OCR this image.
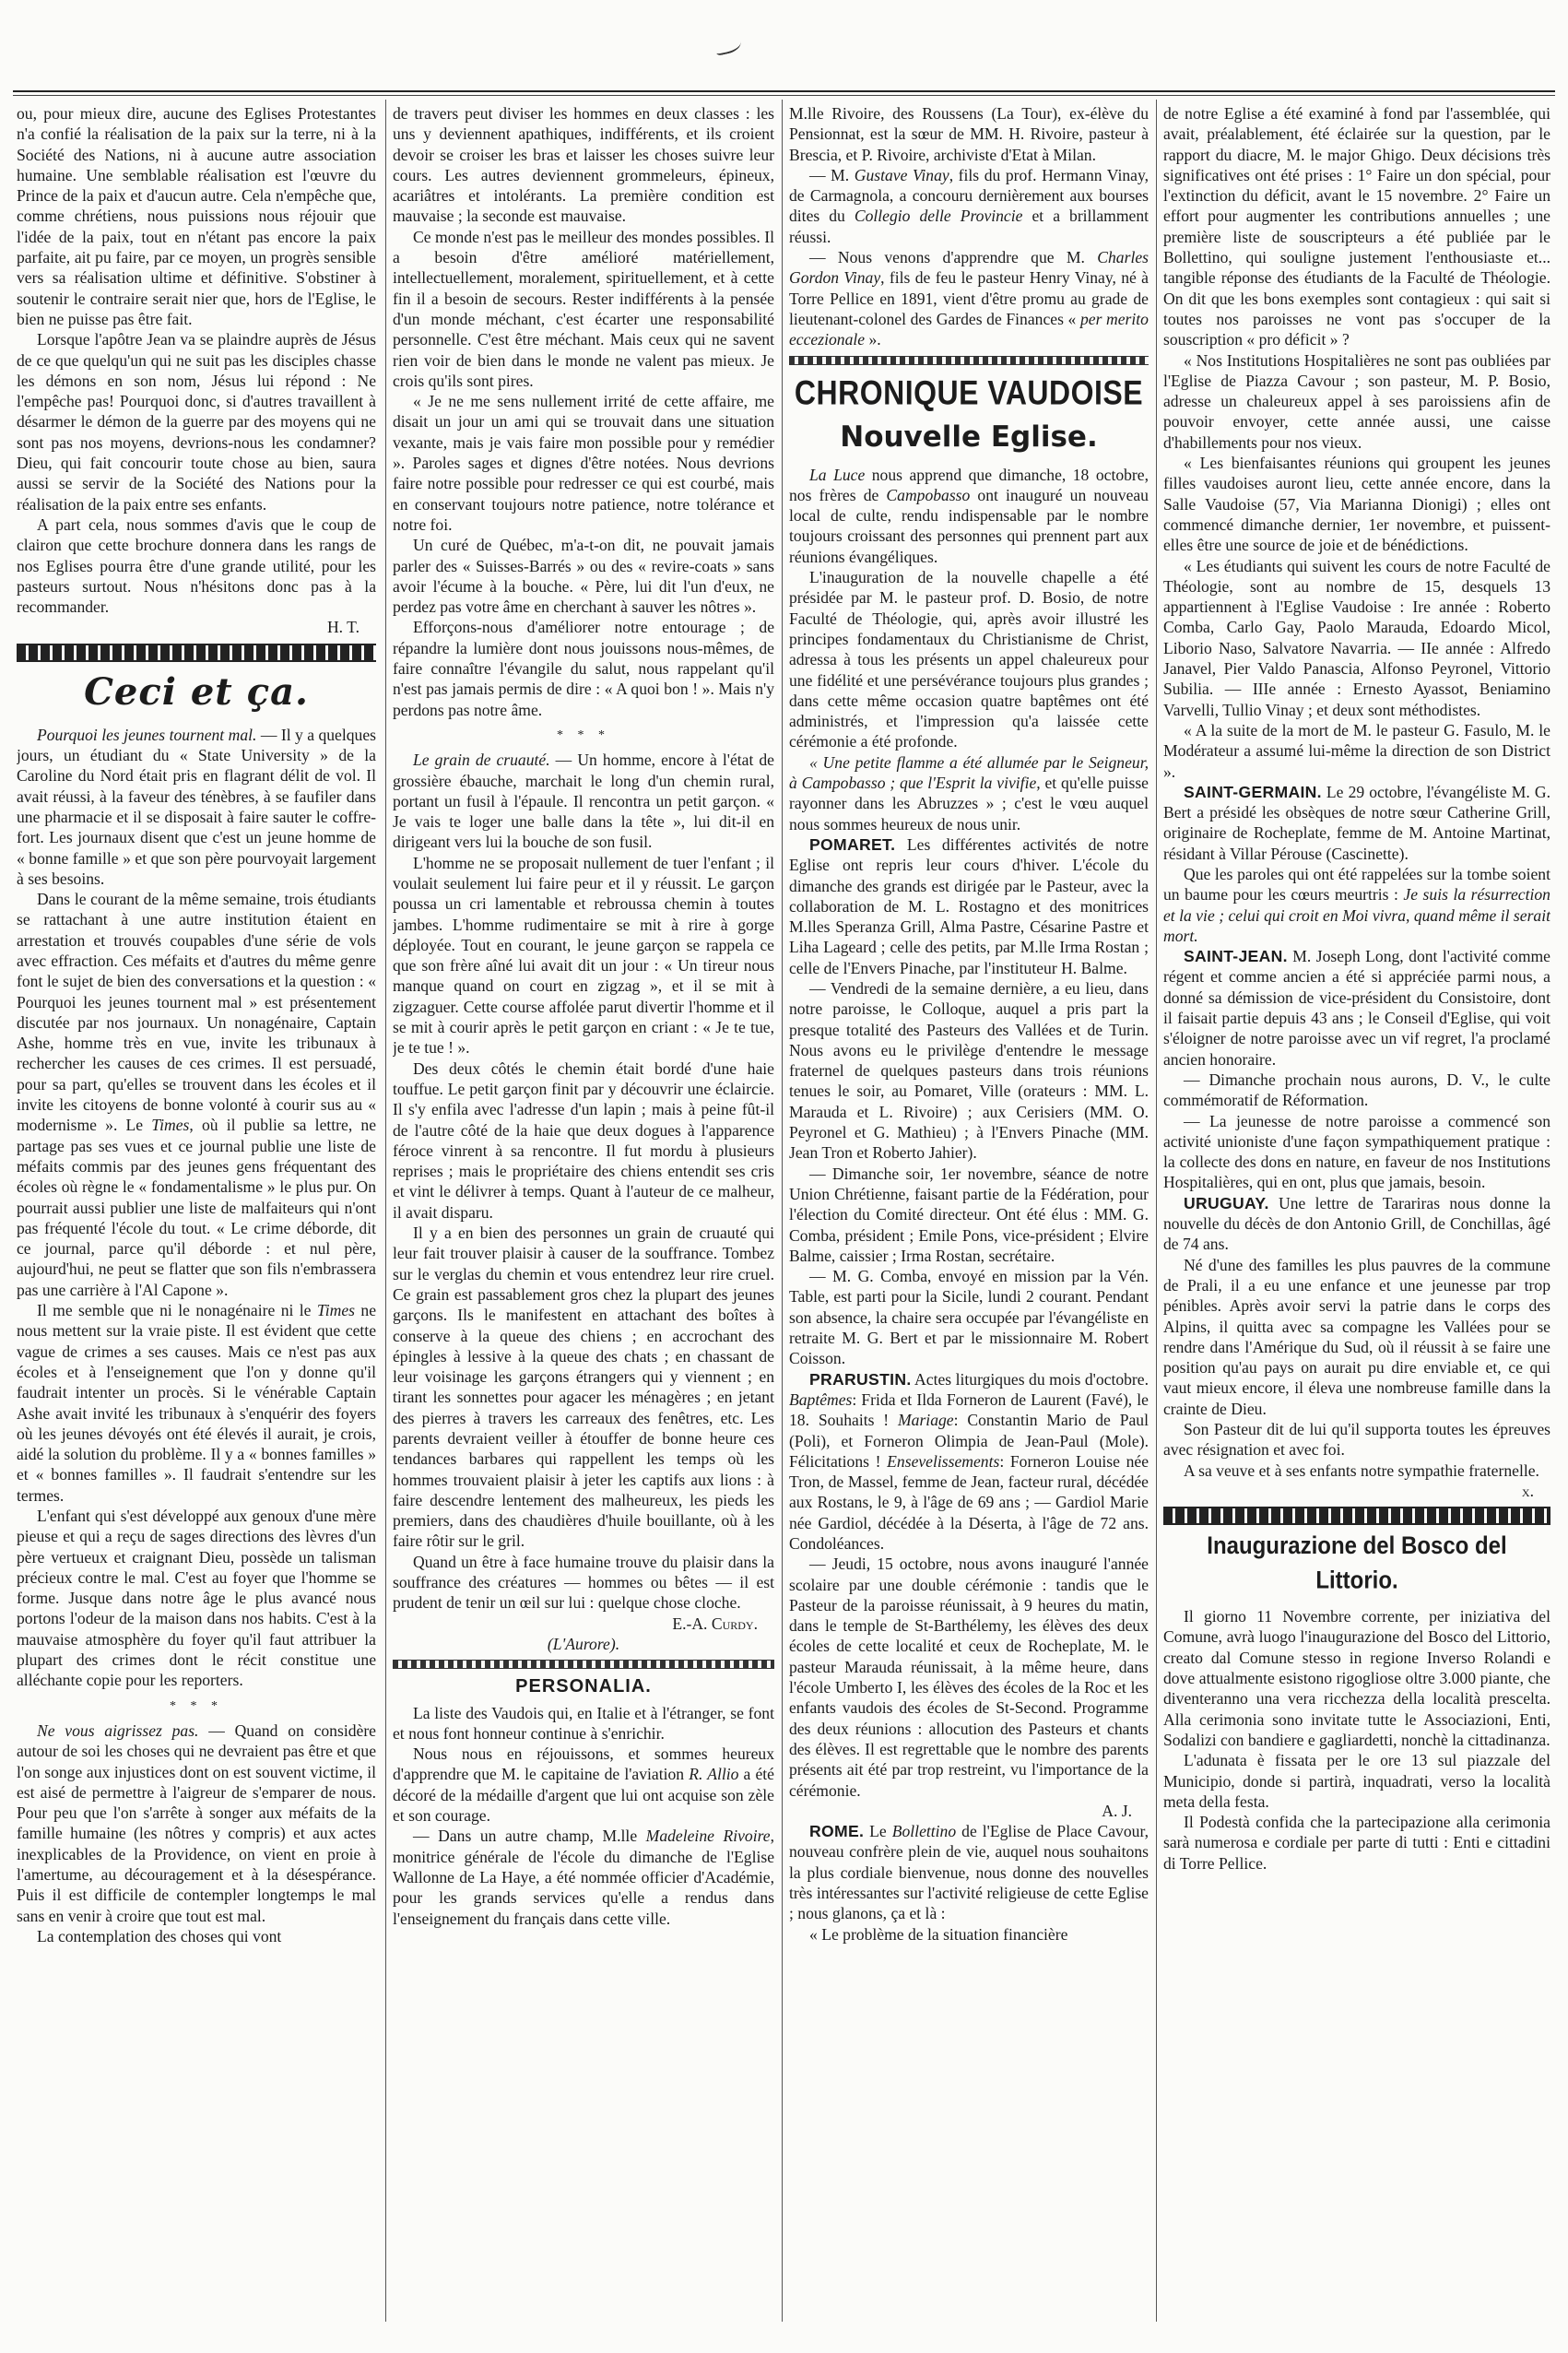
ou, pour mieux dire, aucune des Eglises Protestantes n'a confié la réalisation de la paix sur la terre, ni à la Société des Nations, ni à aucune autre association humaine. Une semblable réalisation est l'œuvre du Prince de la paix et d'aucun autre. Cela n'empêche que, comme chrétiens, nous puissions nous réjouir que l'idée de la paix, tout en n'étant pas encore la paix parfaite, ait pu faire, par ce moyen, un progrès sensible vers sa réalisation ultime et définitive. S'obstiner à soutenir le contraire serait nier que, hors de l'Eglise, le bien ne puisse pas être fait.

Lorsque l'apôtre Jean va se plaindre auprès de Jésus de ce que quelqu'un qui ne suit pas les disciples chasse les démons en son nom, Jésus lui répond : Ne l'empêche pas! Pourquoi donc, si d'autres travaillent à désarmer le démon de la guerre par des moyens qui ne sont pas nos moyens, devrions-nous les condamner? Dieu, qui fait concourir toute chose au bien, saura aussi se servir de la Société des Nations pour la réalisation de la paix entre ses enfants.

A part cela, nous sommes d'avis que le coup de clairon que cette brochure donnera dans les rangs de nos Eglises pourra être d'une grande utilité, pour les pasteurs surtout. Nous n'hésitons donc pas à la recommander.

H. T.
Ceci et ça.

Pourquoi les jeunes tournent mal. — Il y a quelques jours, un étudiant du « State University » de la Caroline du Nord était pris en flagrant délit de vol. Il avait réussi, à la faveur des ténèbres, à se faufiler dans une pharmacie et il se disposait à faire sauter le coffre-fort. Les journaux disent que c'est un jeune homme de « bonne famille » et que son père pourvoyait largement à ses besoins.

Dans le courant de la même semaine, trois étudiants se rattachant à une autre institution étaient en arrestation et trouvés coupables d'une série de vols avec effraction. Ces méfaits et d'autres du même genre font le sujet de bien des conversations et la question : « Pourquoi les jeunes tournent mal » est présentement discutée par nos journaux. Un nonagénaire, Captain Ashe, homme très en vue, invite les tribunaux à rechercher les causes de ces crimes. Il est persuadé, pour sa part, qu'elles se trouvent dans les écoles et il invite les citoyens de bonne volonté à courir sus au « modernisme ». Le Times, où il publie sa lettre, ne partage pas ses vues et ce journal publie une liste de méfaits commis par des jeunes gens fréquentant des écoles où règne le « fondamentalisme » le plus pur. On pourrait aussi publier une liste de malfaiteurs qui n'ont pas fréquenté l'école du tout. « Le crime déborde, dit ce journal, parce qu'il déborde : et nul père, aujourd'hui, ne peut se flatter que son fils n'embrassera pas une carrière à l'Al Capone ».

Il me semble que ni le nonagénaire ni le Times ne nous mettent sur la vraie piste. Il est évident que cette vague de crimes a ses causes. Mais ce n'est pas aux écoles et à l'enseignement que l'on y donne qu'il faudrait intenter un procès. Si le vénérable Captain Ashe avait invité les tribunaux à s'enquérir des foyers où les jeunes dévoyés ont été élevés il aurait, je crois, aidé la solution du problème. Il y a « bonnes familles » et « bonnes familles ». Il faudrait s'entendre sur les termes.

L'enfant qui s'est développé aux genoux d'une mère pieuse et qui a reçu de sages directions des lèvres d'un père vertueux et craignant Dieu, possède un talisman précieux contre le mal. C'est au foyer que l'homme se forme. Jusque dans notre âge le plus avancé nous portons l'odeur de la maison dans nos habits. C'est à la mauvaise atmosphère du foyer qu'il faut attribuer la plupart des crimes dont le récit constitue une alléchante copie pour les reporters.

* * *

Ne vous aigrissez pas. — Quand on considère autour de soi les choses qui ne devraient pas être et que l'on songe aux injustices dont on est souvent victime, il est aisé de permettre à l'aigreur de s'emparer de nous. Pour peu que l'on s'arrête à songer aux méfaits de la famille humaine (les nôtres y compris) et aux actes inexplicables de la Providence, on vient en proie à l'amertume, au découragement et à la désespérance. Puis il est difficile de contempler longtemps le mal sans en venir à croire que tout est mal.

La contemplation des choses qui vont

de travers peut diviser les hommes en deux classes : les uns y deviennent apathiques, indifférents, et ils croient devoir se croiser les bras et laisser les choses suivre leur cours. Les autres deviennent grommeleurs, épineux, acariâtres et intolérants. La première condition est mauvaise ; la seconde est mauvaise.

Ce monde n'est pas le meilleur des mondes possibles. Il a besoin d'être amélioré matériellement, intellectuellement, moralement, spirituellement, et à cette fin il a besoin de secours. Rester indifférents à la pensée d'un monde méchant, c'est écarter une responsabilité personnelle. C'est être méchant. Mais ceux qui ne savent rien voir de bien dans le monde ne valent pas mieux. Je crois qu'ils sont pires.

« Je ne me sens nullement irrité de cette affaire, me disait un jour un ami qui se trouvait dans une situation vexante, mais je vais faire mon possible pour y remédier ». Paroles sages et dignes d'être notées. Nous devrions faire notre possible pour redresser ce qui est courbé, mais en conservant toujours notre patience, notre tolérance et notre foi.

Un curé de Québec, m'a-t-on dit, ne pouvait jamais parler des « Suisses-Barrés » ou des « revire-coats » sans avoir l'écume à la bouche. « Père, lui dit l'un d'eux, ne perdez pas votre âme en cherchant à sauver les nôtres ».

Efforçons-nous d'améliorer notre entourage ; de répandre la lumière dont nous jouissons nous-mêmes, de faire connaître l'évangile du salut, nous rappelant qu'il n'est pas jamais permis de dire : « A quoi bon ! ». Mais n'y perdons pas notre âme.

* * *

Le grain de cruauté. — Un homme, encore à l'état de grossière ébauche, marchait le long d'un chemin rural, portant un fusil à l'épaule. Il rencontra un petit garçon. « Je vais te loger une balle dans la tête », lui dit-il en dirigeant vers lui la bouche de son fusil.

L'homme ne se proposait nullement de tuer l'enfant ; il voulait seulement lui faire peur et il y réussit. Le garçon poussa un cri lamentable et rebroussa chemin à toutes jambes. L'homme rudimentaire se mit à rire à gorge déployée. Tout en courant, le jeune garçon se rappela ce que son frère aîné lui avait dit un jour : « Un tireur nous manque quand on court en zigzag », et il se mit à zigzaguer. Cette course affolée parut divertir l'homme et il se mit à courir après le petit garçon en criant : « Je te tue, je te tue ! ».

Des deux côtés le chemin était bordé d'une haie touffue. Le petit garçon finit par y découvrir une éclaircie. Il s'y enfila avec l'adresse d'un lapin ; mais à peine fût-il de l'autre côté de la haie que deux dogues à l'apparence féroce vinrent à sa rencontre. Il fut mordu à plusieurs reprises ; mais le propriétaire des chiens entendit ses cris et vint le délivrer à temps. Quant à l'auteur de ce malheur, il avait disparu.

Il y a en bien des personnes un grain de cruauté qui leur fait trouver plaisir à causer de la souffrance. Tombez sur le verglas du chemin et vous entendrez leur rire cruel. Ce grain est passablement gros chez la plupart des jeunes garçons. Ils le manifestent en attachant des boîtes à conserve à la queue des chiens ; en accrochant des épingles à lessive à la queue des chats ; en chassant de leur voisinage les garçons étrangers qui y viennent ; en tirant les sonnettes pour agacer les ménagères ; en jetant des pierres à travers les carreaux des fenêtres, etc. Les parents devraient veiller à étouffer de bonne heure ces tendances barbares qui rappellent les temps où les hommes trouvaient plaisir à jeter les captifs aux lions : à faire descendre lentement des malheureux, les pieds les premiers, dans des chaudières d'huile bouillante, où à les faire rôtir sur le gril.

Quand un être à face humaine trouve du plaisir dans la souffrance des créatures — hommes ou bêtes — il est prudent de tenir un œil sur lui : quelque chose cloche.

E.-A. Curdy.
(L'Aurore).
PERSONALIA.

La liste des Vaudois qui, en Italie et à l'étranger, se font et nous font honneur continue à s'enrichir.

Nous nous en réjouissons, et sommes heureux d'apprendre que M. le capitaine de l'aviation R. Allio a été décoré de la médaille d'argent que lui ont acquise son zèle et son courage.

— Dans un autre champ, M.lle Madeleine Rivoire, monitrice générale de l'école du dimanche de l'Eglise Wallonne de La Haye, a été nommée officier d'Académie, pour les grands services qu'elle a rendus dans l'enseignement du français dans cette ville.

M.lle Rivoire, des Roussens (La Tour), ex-élève du Pensionnat, est la sœur de MM. H. Rivoire, pasteur à Brescia, et P. Rivoire, archiviste d'Etat à Milan.

— M. Gustave Vinay, fils du prof. Hermann Vinay, de Carmagnola, a concouru dernièrement aux bourses dites du Collegio delle Provincie et a brillamment réussi.

— Nous venons d'apprendre que M. Charles Gordon Vinay, fils de feu le pasteur Henry Vinay, né à Torre Pellice en 1891, vient d'être promu au grade de lieutenant-colonel des Gardes de Finances « per merito eccezionale ».

CHRONIQUE VAUDOISE
Nouvelle Eglise.

La Luce nous apprend que dimanche, 18 octobre, nos frères de Campobasso ont inauguré un nouveau local de culte, rendu indispensable par le nombre toujours croissant des personnes qui prennent part aux réunions évangéliques.

L'inauguration de la nouvelle chapelle a été présidée par M. le pasteur prof. D. Bosio, de notre Faculté de Théologie, qui, après avoir illustré les principes fondamentaux du Christianisme de Christ, adressa à tous les présents un appel chaleureux pour une fidélité et une persévérance toujours plus grandes ; dans cette même occasion quatre baptêmes ont été administrés, et l'impression qu'a laissée cette cérémonie a été profonde.

« Une petite flamme a été allumée par le Seigneur, à Campobasso ; que l'Esprit la vivifie, et qu'elle puisse rayonner dans les Abruzzes » ; c'est le vœu auquel nous sommes heureux de nous unir.

POMARET. Les différentes activités de notre Eglise ont repris leur cours d'hiver. L'école du dimanche des grands est dirigée par le Pasteur, avec la collaboration de M. L. Rostagno et des monitrices M.lles Speranza Grill, Alma Pastre, Césarine Pastre et Liha Lageard ; celle des petits, par M.lle Irma Rostan ; celle de l'Envers Pinache, par l'instituteur H. Balme.

— Vendredi de la semaine dernière, a eu lieu, dans notre paroisse, le Colloque, auquel a pris part la presque totalité des Pasteurs des Vallées et de Turin. Nous avons eu le privilège d'entendre le message fraternel de quelques pasteurs dans trois réunions tenues le soir, au Pomaret, Ville (orateurs : MM. L. Marauda et L. Rivoire) ; aux Cerisiers (MM. O. Peyronel et G. Mathieu) ; à l'Envers Pinache (MM. Jean Tron et Roberto Jahier).

— Dimanche soir, 1er novembre, séance de notre Union Chrétienne, faisant partie de la Fédération, pour l'élection du Comité directeur. Ont été élus : MM. G. Comba, président ; Emile Pons, vice-président ; Elvire Balme, caissier ; Irma Rostan, secrétaire.

— M. G. Comba, envoyé en mission par la Vén. Table, est parti pour la Sicile, lundi 2 courant. Pendant son absence, la chaire sera occupée par l'évangéliste en retraite M. G. Bert et par le missionnaire M. Robert Coisson.

PRARUSTIN. Actes liturgiques du mois d'octobre. Baptêmes: Frida et Ilda Forneron de Laurent (Favé), le 18. Souhaits ! Mariage: Constantin Mario de Paul (Poli), et Forneron Olimpia de Jean-Paul (Mole). Félicitations ! Ensevelissements: Forneron Louise née Tron, de Massel, femme de Jean, facteur rural, décédée aux Rostans, le 9, à l'âge de 69 ans ; — Gardiol Marie née Gardiol, décédée à la Déserta, à l'âge de 72 ans. Condoléances.

— Jeudi, 15 octobre, nous avons inauguré l'année scolaire par une double cérémonie : tandis que le Pasteur de la paroisse réunissait, à 9 heures du matin, dans le temple de St-Barthélemy, les élèves des deux écoles de cette localité et ceux de Rocheplate, M. le pasteur Marauda réunissait, à la même heure, dans l'école Umberto I, les élèves des écoles de la Roc et les enfants vaudois des écoles de St-Second. Programme des deux réunions : allocution des Pasteurs et chants des élèves. Il est regrettable que le nombre des parents présents ait été par trop restreint, vu l'importance de la cérémonie.

A. J.

ROME. Le Bollettino de l'Eglise de Place Cavour, nouveau confrère plein de vie, auquel nous souhaitons la plus cordiale bienvenue, nous donne des nouvelles très intéressantes sur l'activité religieuse de cette Eglise ; nous glanons, ça et là :

« Le problème de la situation financière

de notre Eglise a été examiné à fond par l'assemblée, qui avait, préalablement, été éclairée sur la question, par le rapport du diacre, M. le major Ghigo. Deux décisions très significatives ont été prises : 1° Faire un don spécial, pour l'extinction du déficit, avant le 15 novembre. 2° Faire un effort pour augmenter les contributions annuelles ; une première liste de souscripteurs a été publiée par le Bollettino, qui souligne justement l'enthousiaste et... tangible réponse des étudiants de la Faculté de Théologie. On dit que les bons exemples sont contagieux : qui sait si toutes nos paroisses ne vont pas s'occuper de la souscription « pro déficit » ?

« Nos Institutions Hospitalières ne sont pas oubliées par l'Eglise de Piazza Cavour ; son pasteur, M. P. Bosio, adresse un chaleureux appel à ses paroissiens afin de pouvoir envoyer, cette année aussi, une caisse d'habillements pour nos vieux.

« Les bienfaisantes réunions qui groupent les jeunes filles vaudoises auront lieu, cette année encore, dans la Salle Vaudoise (57, Via Marianna Dionigi) ; elles ont commencé dimanche dernier, 1er novembre, et puissent-elles être une source de joie et de bénédictions.

« Les étudiants qui suivent les cours de notre Faculté de Théologie, sont au nombre de 15, desquels 13 appartiennent à l'Eglise Vaudoise : Ire année : Roberto Comba, Carlo Gay, Paolo Marauda, Edoardo Micol, Liborio Naso, Salvatore Navarria. — IIe année : Alfredo Janavel, Pier Valdo Panascia, Alfonso Peyronel, Vittorio Subilia. — IIIe année : Ernesto Ayassot, Beniamino Varvelli, Tullio Vinay ; et deux sont méthodistes.

« A la suite de la mort de M. le pasteur G. Fasulo, M. le Modérateur a assumé lui-même la direction de son District ».

SAINT-GERMAIN. Le 29 octobre, l'évangéliste M. G. Bert a présidé les obsèques de notre sœur Catherine Grill, originaire de Rocheplate, femme de M. Antoine Martinat, résidant à Villar Pérouse (Cascinette).

Que les paroles qui ont été rappelées sur la tombe soient un baume pour les cœurs meurtris : Je suis la résurrection et la vie ; celui qui croit en Moi vivra, quand même il serait mort.

SAINT-JEAN. M. Joseph Long, dont l'activité comme régent et comme ancien a été si appréciée parmi nous, a donné sa démission de vice-président du Consistoire, dont il faisait partie depuis 43 ans ; le Conseil d'Eglise, qui voit s'éloigner de notre paroisse avec un vif regret, l'a proclamé ancien honoraire.

— Dimanche prochain nous aurons, D. V., le culte commémoratif de Réformation.

— La jeunesse de notre paroisse a commencé son activité unioniste d'une façon sympathiquement pratique : la collecte des dons en nature, en faveur de nos Institutions Hospitalières, qui en ont, plus que jamais, besoin.

URUGUAY. Une lettre de Tarariras nous donne la nouvelle du décès de don Antonio Grill, de Conchillas, âgé de 74 ans.

Né d'une des familles les plus pauvres de la commune de Prali, il a eu une enfance et une jeunesse par trop pénibles. Après avoir servi la patrie dans le corps des Alpins, il quitta avec sa compagne les Vallées pour se rendre dans l'Amérique du Sud, où il réussit à se faire une position qu'au pays on aurait pu dire enviable et, ce qui vaut mieux encore, il éleva une nombreuse famille dans la crainte de Dieu.

Son Pasteur dit de lui qu'il supporta toutes les épreuves avec résignation et avec foi.

A sa veuve et à ses enfants notre sympathie fraternelle.

x.
Inaugurazione del Bosco del Littorio.

Il giorno 11 Novembre corrente, per iniziativa del Comune, avrà luogo l'inaugurazione del Bosco del Littorio, creato dal Comune stesso in regione Inverso Rolandi e dove attualmente esistono rigogliose oltre 3.000 piante, che diventeranno una vera ricchezza della località prescelta. Alla cerimonia sono invitate tutte le Associazioni, Enti, Sodalizi con bandiere e gagliardetti, nonchè la cittadinanza.

L'adunata è fissata per le ore 13 sul piazzale del Municipio, donde si partirà, inquadrati, verso la località meta della festa.

Il Podestà confida che la partecipazione alla cerimonia sarà numerosa e cordiale per parte di tutti : Enti e cittadini di Torre Pellice.
